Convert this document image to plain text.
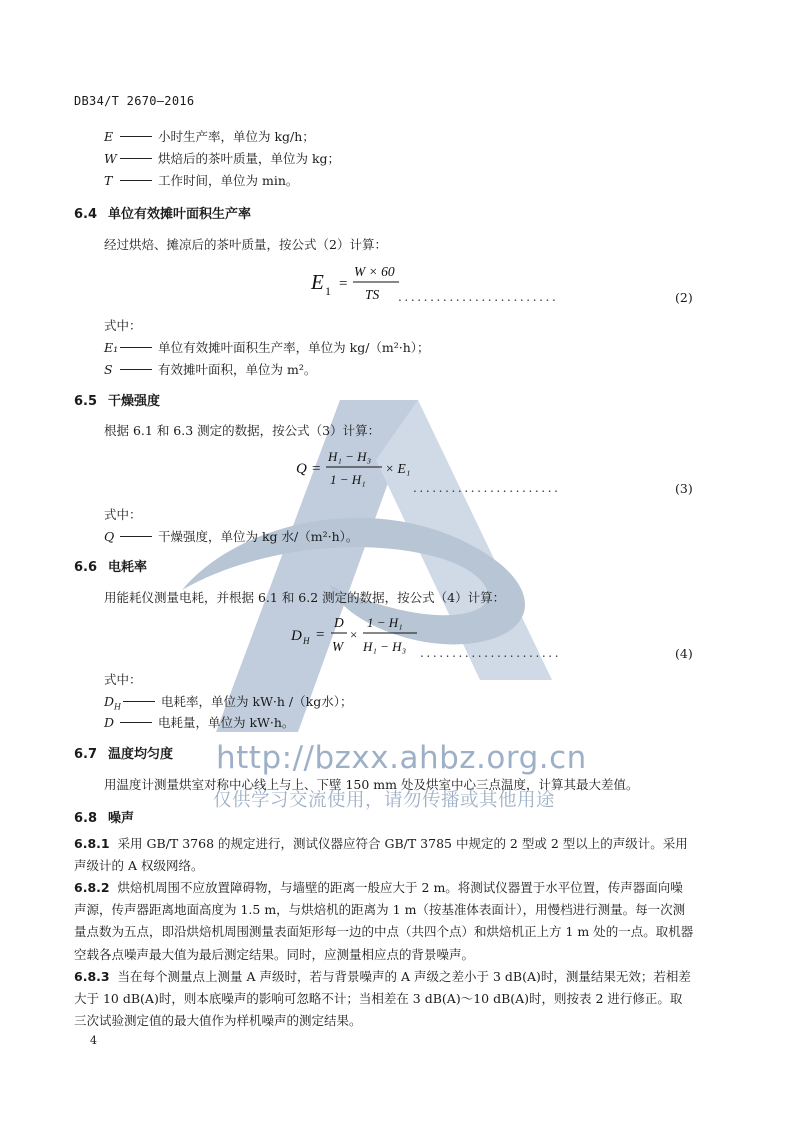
DB34/T 2670—2016
E	小时生产率，单位为 kg/h；
W	烘焙后的茶叶质量，单位为 kg；
T	工作时间，单位为 min。
6.4 单位有效摊叶面积生产率
经过烘焙、摊凉后的茶叶质量，按公式（2）计算：
E 1 =
W × 60
TS .........................	(2)
式中：
E₁	单位有效摊叶面积生产率，单位为 kg/（m²·h）；
S	有效摊叶面积，单位为 m²。
6.5 干燥强度
根据 6.1 和 6.3 测定的数据，按公式（3）计算：
Q =
H₁ − H₃
1 − H₁
× E₁
.......................	(3)
式中：
Q	干燥强度，单位为 kg 水/（m²·h）。
6.6 电耗率
用能耗仪测量电耗，并根据 6.1 和 6.2 测定的数据，按公式（4）计算：
D H =
D
W
×
1 − H₁
H₁ − H₃ ......................	(4)
式中：
$D_H$	电耗率，单位为 kW·h /（kg水）；
D	电耗量，单位为 kW·h。
6.7 温度均匀度
用温度计测量烘室对称中心线上与上、下壁 150 mm 处及烘室中心三点温度，计算其最大差值。
http://bzxx.ahbz.org.cn
仅供学习交流使用，请勿传播或其他用途
6.8 噪声
6.8.1 采用 GB/T 3768 的规定进行，测试仪器应符合 GB/T 3785 中规定的 2 型或 2 型以上的声级计。采用声级计的 A 权级网络。
6.8.2 烘焙机周围不应放置障碍物，与墙壁的距离一般应大于 2 m。将测试仪器置于水平位置，传声器面向噪声源，传声器距离地面高度为 1.5 m，与烘焙机的距离为 1 m（按基准体表面计），用慢档进行测量。每一次测量点数为五点，即沿烘焙机周围测量表面矩形每一边的中点（共四个点）和烘焙机正上方 1 m 处的一点。取机器空载各点噪声最大值为最后测定结果。同时，应测量相应点的背景噪声。
6.8.3 当在每个测量点上测量 A 声级时，若与背景噪声的 A 声级之差小于 3 dB(A)时，测量结果无效；若相差大于 10 dB(A)时，则本底噪声的影响可忽略不计；当相差在 3 dB(A)～10 dB(A)时，则按表 2 进行修正。取三次试验测定值的最大值作为样机噪声的测定结果。
4
